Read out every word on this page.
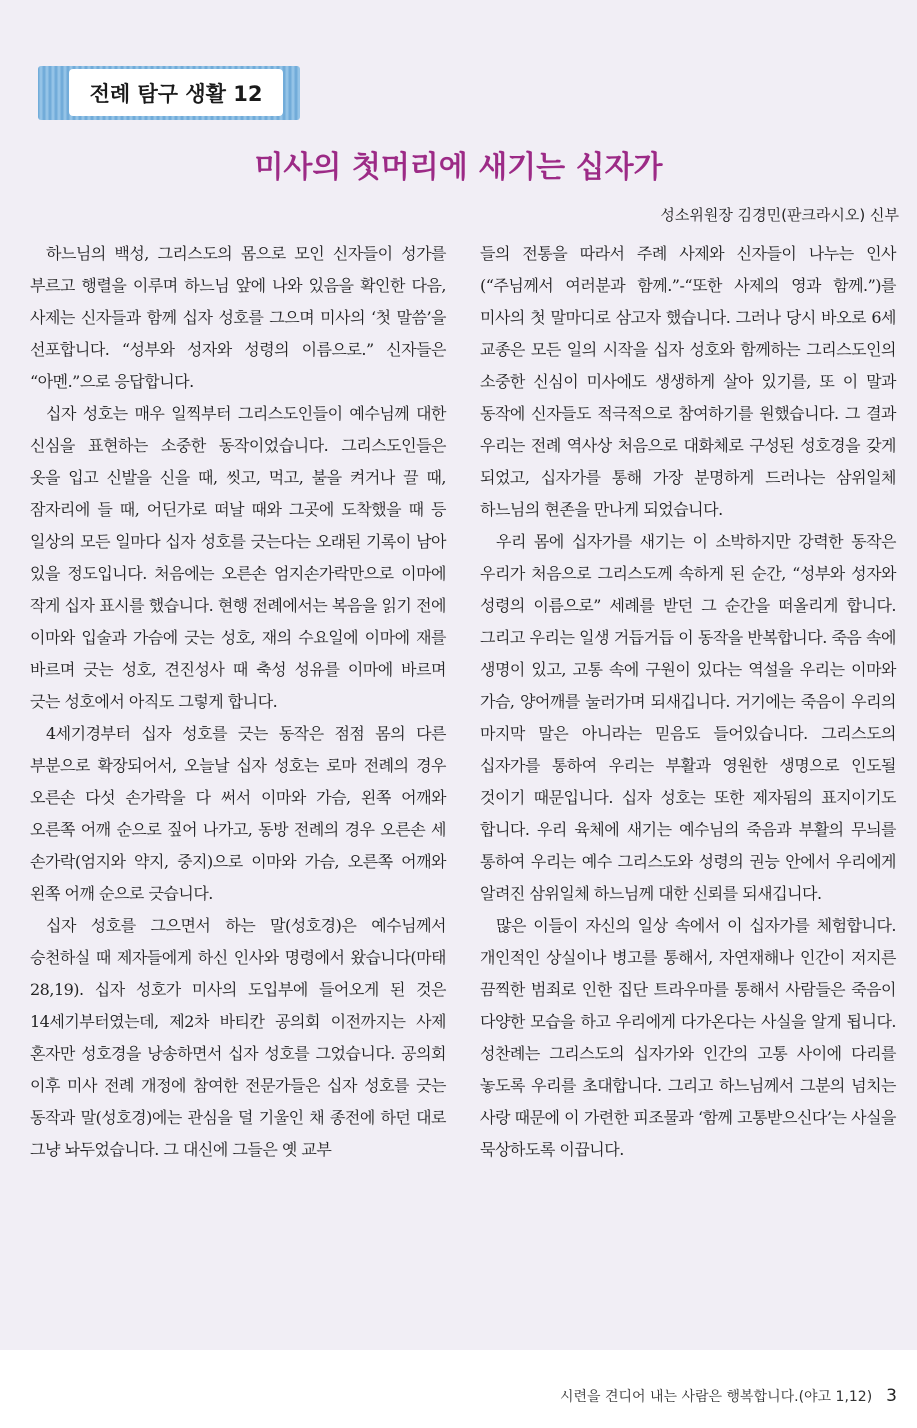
전례 탐구 생활 12
미사의 첫머리에 새기는 십자가
성소위원장 김경민(판크라시오) 신부

하느님의 백성, 그리스도의 몸으로 모인 신자들이 성가를 부르고 행렬을 이루며 하느님 앞에 나와 있음을 확인한 다음, 사제는 신자들과 함께 십자 성호를 그으며 미사의 ‘첫 말씀’을 선포합니다. “성부와 성자와 성령의 이름으로.” 신자들은 “아멘.”으로 응답합니다.

십자 성호는 매우 일찍부터 그리스도인들이 예수님께 대한 신심을 표현하는 소중한 동작이었습니다. 그리스도인들은 옷을 입고 신발을 신을 때, 씻고, 먹고, 불을 켜거나 끌 때, 잠자리에 들 때, 어딘가로 떠날 때와 그곳에 도착했을 때 등 일상의 모든 일마다 십자 성호를 긋는다는 오래된 기록이 남아 있을 정도입니다. 처음에는 오른손 엄지손가락만으로 이마에 작게 십자 표시를 했습니다. 현행 전례에서는 복음을 읽기 전에 이마와 입술과 가슴에 긋는 성호, 재의 수요일에 이마에 재를 바르며 긋는 성호, 견진성사 때 축성 성유를 이마에 바르며 긋는 성호에서 아직도 그렇게 합니다.

4세기경부터 십자 성호를 긋는 동작은 점점 몸의 다른 부분으로 확장되어서, 오늘날 십자 성호는 로마 전례의 경우 오른손 다섯 손가락을 다 써서 이마와 가슴, 왼쪽 어깨와 오른쪽 어깨 순으로 짚어 나가고, 동방 전례의 경우 오른손 세 손가락(엄지와 약지, 중지)으로 이마와 가슴, 오른쪽 어깨와 왼쪽 어깨 순으로 긋습니다.

십자 성호를 그으면서 하는 말(성호경)은 예수님께서 승천하실 때 제자들에게 하신 인사와 명령에서 왔습니다(마태 28,19). 십자 성호가 미사의 도입부에 들어오게 된 것은 14세기부터였는데, 제2차 바티칸 공의회 이전까지는 사제 혼자만 성호경을 낭송하면서 십자 성호를 그었습니다. 공의회 이후 미사 전례 개정에 참여한 전문가들은 십자 성호를 긋는 동작과 말(성호경)에는 관심을 덜 기울인 채 종전에 하던 대로 그냥 놔두었습니다. 그 대신에 그들은 옛 교부

들의 전통을 따라서 주례 사제와 신자들이 나누는 인사(“주님께서 여러분과 함께.”-“또한 사제의 영과 함께.”)를 미사의 첫 말마디로 삼고자 했습니다. 그러나 당시 바오로 6세 교종은 모든 일의 시작을 십자 성호와 함께하는 그리스도인의 소중한 신심이 미사에도 생생하게 살아 있기를, 또 이 말과 동작에 신자들도 적극적으로 참여하기를 원했습니다. 그 결과 우리는 전례 역사상 처음으로 대화체로 구성된 성호경을 갖게 되었고, 십자가를 통해 가장 분명하게 드러나는 삼위일체 하느님의 현존을 만나게 되었습니다.

우리 몸에 십자가를 새기는 이 소박하지만 강력한 동작은 우리가 처음으로 그리스도께 속하게 된 순간, “성부와 성자와 성령의 이름으로” 세례를 받던 그 순간을 떠올리게 합니다. 그리고 우리는 일생 거듭거듭 이 동작을 반복합니다. 죽음 속에 생명이 있고, 고통 속에 구원이 있다는 역설을 우리는 이마와 가슴, 양어깨를 눌러가며 되새깁니다. 거기에는 죽음이 우리의 마지막 말은 아니라는 믿음도 들어있습니다. 그리스도의 십자가를 통하여 우리는 부활과 영원한 생명으로 인도될 것이기 때문입니다. 십자 성호는 또한 제자됨의 표지이기도 합니다. 우리 육체에 새기는 예수님의 죽음과 부활의 무늬를 통하여 우리는 예수 그리스도와 성령의 권능 안에서 우리에게 알려진 삼위일체 하느님께 대한 신뢰를 되새깁니다.

많은 이들이 자신의 일상 속에서 이 십자가를 체험합니다. 개인적인 상실이나 병고를 통해서, 자연재해나 인간이 저지른 끔찍한 범죄로 인한 집단 트라우마를 통해서 사람들은 죽음이 다양한 모습을 하고 우리에게 다가온다는 사실을 알게 됩니다. 성찬례는 그리스도의 십자가와 인간의 고통 사이에 다리를 놓도록 우리를 초대합니다. 그리고 하느님께서 그분의 넘치는 사랑 때문에 이 가련한 피조물과 ‘함께 고통받으신다’는 사실을 묵상하도록 이끕니다.

시련을 견디어 내는 사람은 행복합니다.(야고 1,12) 3
